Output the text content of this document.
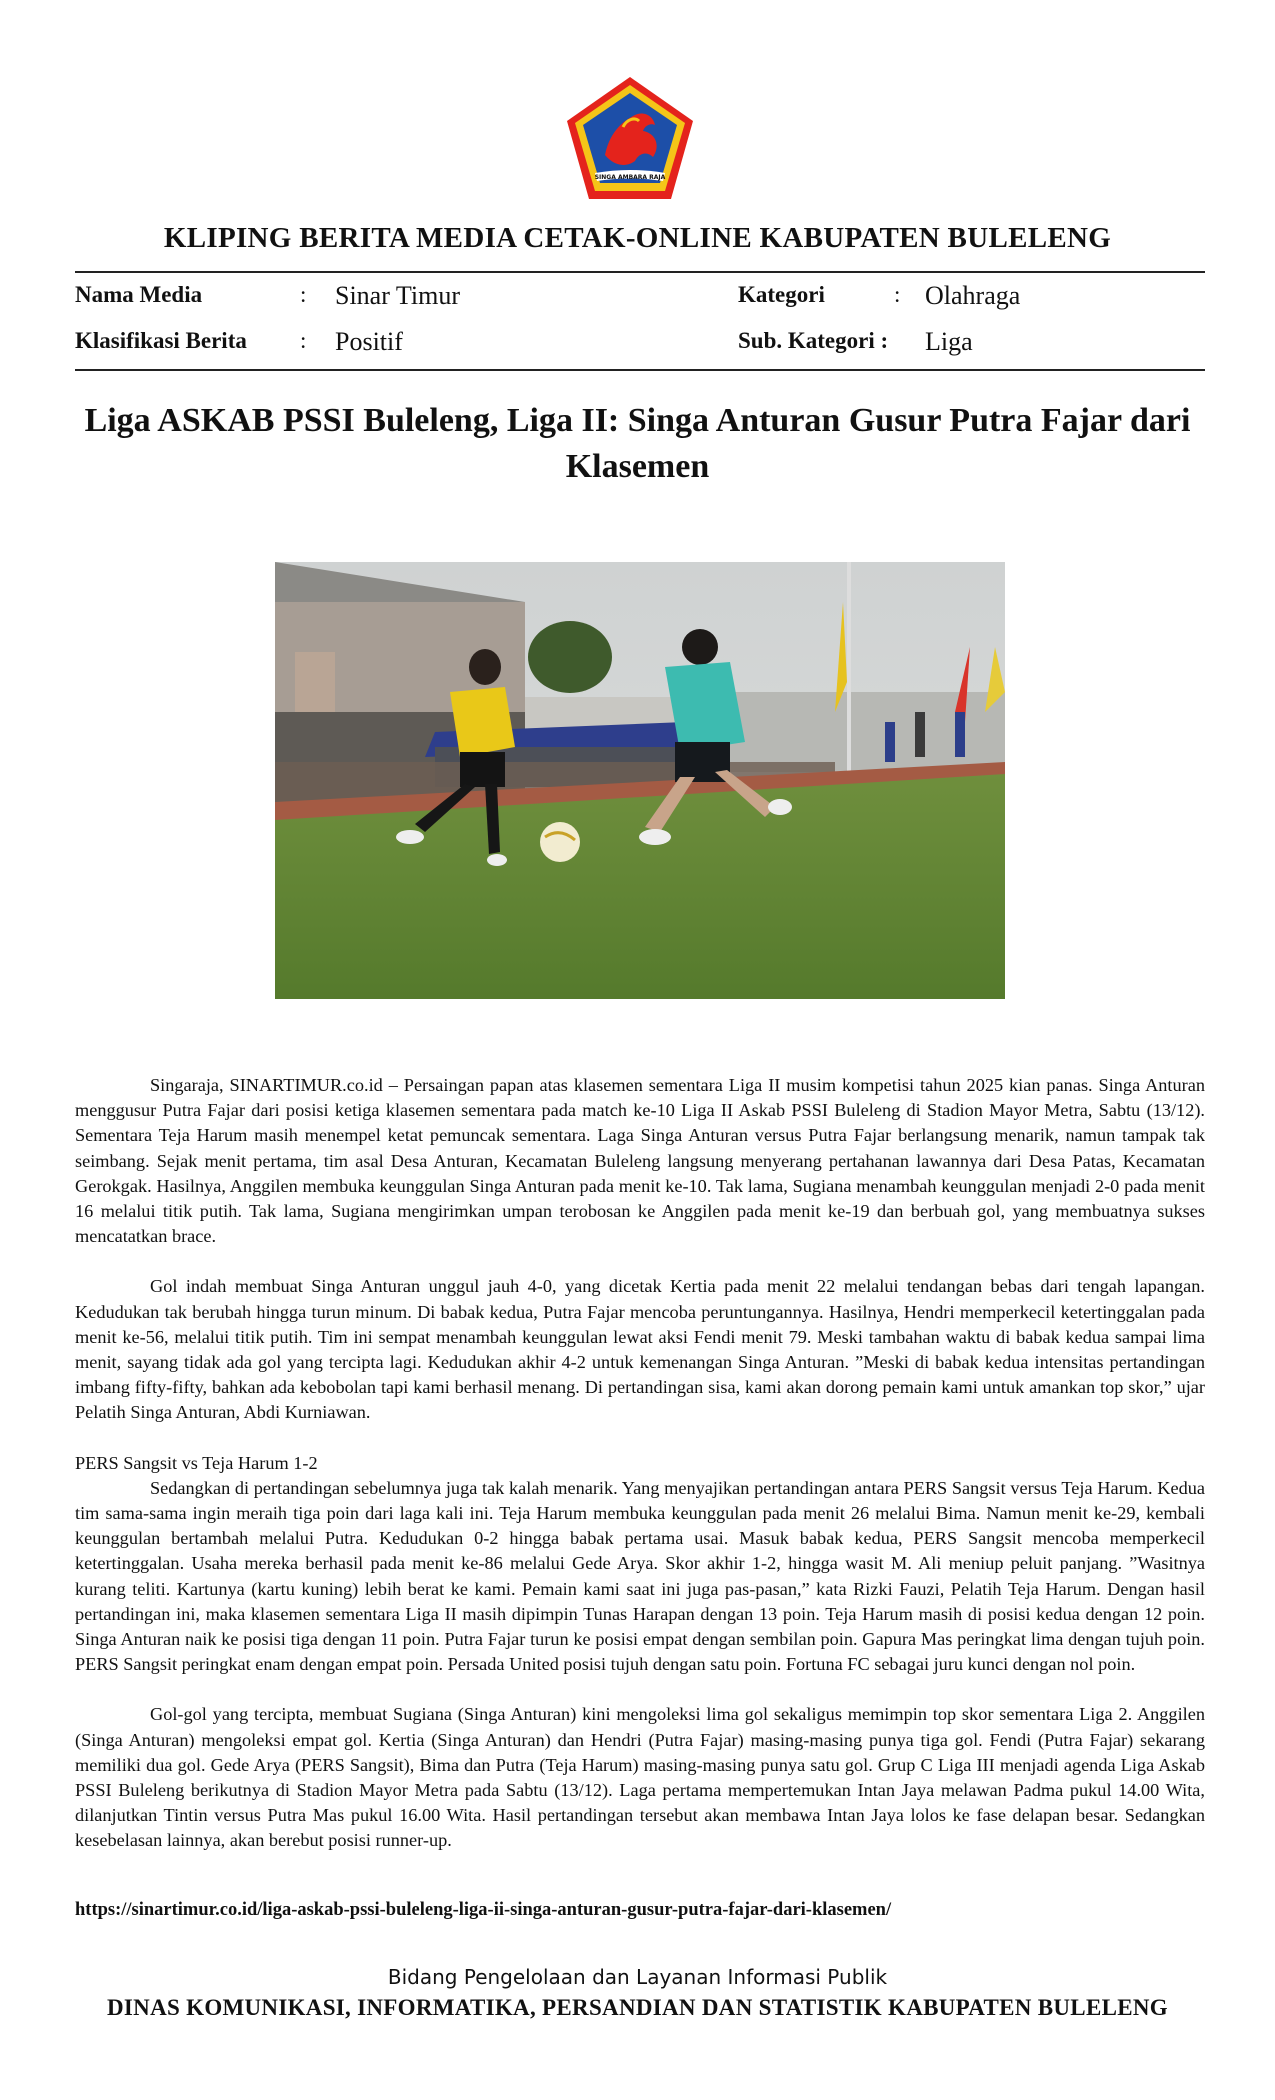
SINGA AMBARA RAJA
KLIPING BERITA MEDIA CETAK-ONLINE KABUPATEN BULELENG
Nama Media	: Sinar Timur	Kategori	: Olahraga
Klasifikasi Berita : Positif	Sub. Kategori : Liga
Liga ASKAB PSSI Buleleng, Liga II: Singa Anturan Gusur Putra Fajar dari Klasemen

Singaraja, SINARTIMUR.co.id – Persaingan papan atas klasemen sementara Liga II musim kompetisi tahun 2025 kian panas. Singa Anturan menggusur Putra Fajar dari posisi ketiga klasemen sementara pada match ke-10 Liga II Askab PSSI Buleleng di Stadion Mayor Metra, Sabtu (13/12). Sementara Teja Harum masih menempel ketat pemuncak sementara. Laga Singa Anturan versus Putra Fajar berlangsung menarik, namun tampak tak seimbang. Sejak menit pertama, tim asal Desa Anturan, Kecamatan Buleleng langsung menyerang pertahanan lawannya dari Desa Patas, Kecamatan Gerokgak. Hasilnya, Anggilen membuka keunggulan Singa Anturan pada menit ke-10. Tak lama, Sugiana menambah keunggulan menjadi 2-0 pada menit 16 melalui titik putih. Tak lama, Sugiana mengirimkan umpan terobosan ke Anggilen pada menit ke-19 dan berbuah gol, yang membuatnya sukses mencatatkan brace.

Gol indah membuat Singa Anturan unggul jauh 4-0, yang dicetak Kertia pada menit 22 melalui tendangan bebas dari tengah lapangan. Kedudukan tak berubah hingga turun minum. Di babak kedua, Putra Fajar mencoba peruntungannya. Hasilnya, Hendri memperkecil ketertinggalan pada menit ke-56, melalui titik putih. Tim ini sempat menambah keunggulan lewat aksi Fendi menit 79. Meski tambahan waktu di babak kedua sampai lima menit, sayang tidak ada gol yang tercipta lagi. Kedudukan akhir 4-2 untuk kemenangan Singa Anturan. ”Meski di babak kedua intensitas pertandingan imbang fifty-fifty, bahkan ada kebobolan tapi kami berhasil menang. Di pertandingan sisa, kami akan dorong pemain kami untuk amankan top skor,” ujar Pelatih Singa Anturan, Abdi Kurniawan.

PERS Sangsit vs Teja Harum 1-2

Sedangkan di pertandingan sebelumnya juga tak kalah menarik. Yang menyajikan pertandingan antara PERS Sangsit versus Teja Harum. Kedua tim sama-sama ingin meraih tiga poin dari laga kali ini. Teja Harum membuka keunggulan pada menit 26 melalui Bima. Namun menit ke-29, kembali keunggulan bertambah melalui Putra. Kedudukan 0-2 hingga babak pertama usai. Masuk babak kedua, PERS Sangsit mencoba memperkecil ketertinggalan. Usaha mereka berhasil pada menit ke-86 melalui Gede Arya. Skor akhir 1-2, hingga wasit M. Ali meniup peluit panjang. ”Wasitnya kurang teliti. Kartunya (kartu kuning) lebih berat ke kami. Pemain kami saat ini juga pas-pasan,” kata Rizki Fauzi, Pelatih Teja Harum. Dengan hasil pertandingan ini, maka klasemen sementara Liga II masih dipimpin Tunas Harapan dengan 13 poin. Teja Harum masih di posisi kedua dengan 12 poin. Singa Anturan naik ke posisi tiga dengan 11 poin. Putra Fajar turun ke posisi empat dengan sembilan poin. Gapura Mas peringkat lima dengan tujuh poin. PERS Sangsit peringkat enam dengan empat poin. Persada United posisi tujuh dengan satu poin. Fortuna FC sebagai juru kunci dengan nol poin.

Gol-gol yang tercipta, membuat Sugiana (Singa Anturan) kini mengoleksi lima gol sekaligus memimpin top skor sementara Liga 2. Anggilen (Singa Anturan) mengoleksi empat gol. Kertia (Singa Anturan) dan Hendri (Putra Fajar) masing-masing punya tiga gol. Fendi (Putra Fajar) sekarang memiliki dua gol. Gede Arya (PERS Sangsit), Bima dan Putra (Teja Harum) masing-masing punya satu gol. Grup C Liga III menjadi agenda Liga Askab PSSI Buleleng berikutnya di Stadion Mayor Metra pada Sabtu (13/12). Laga pertama mempertemukan Intan Jaya melawan Padma pukul 14.00 Wita, dilanjutkan Tintin versus Putra Mas pukul 16.00 Wita. Hasil pertandingan tersebut akan membawa Intan Jaya lolos ke fase delapan besar. Sedangkan kesebelasan lainnya, akan berebut posisi runner-up.

https://sinartimur.co.id/liga-askab-pssi-buleleng-liga-ii-singa-anturan-gusur-putra-fajar-dari-klasemen/
Bidang Pengelolaan dan Layanan Informasi Publik
DINAS KOMUNIKASI, INFORMATIKA, PERSANDIAN DAN STATISTIK KABUPATEN BULELENG
